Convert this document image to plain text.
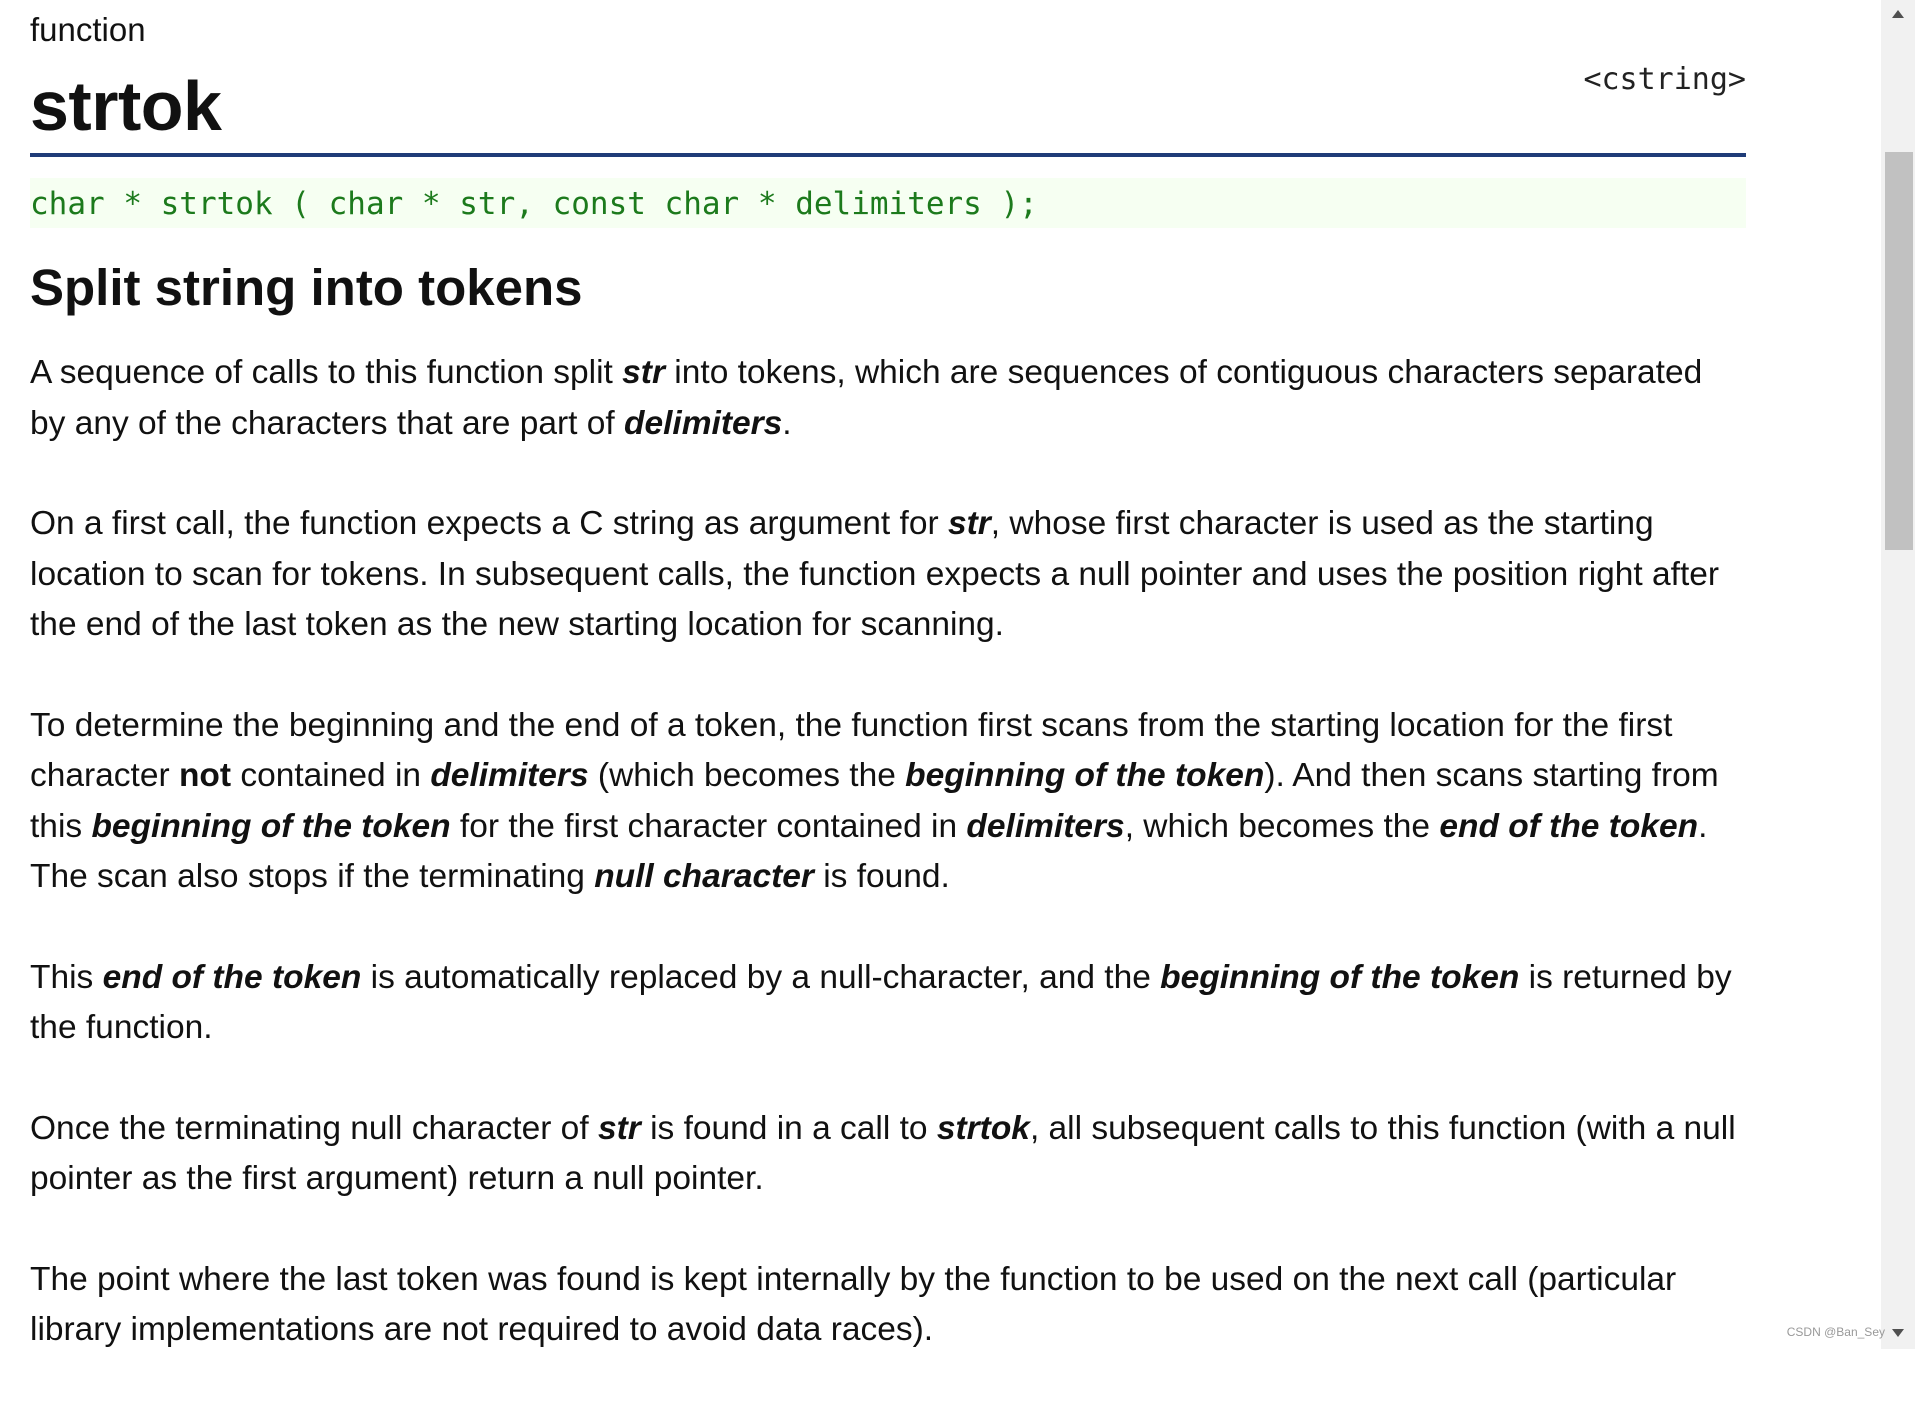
function
strtok	<cstring>
char * strtok ( char * str, const char * delimiters );
Split string into tokens

A sequence of calls to this function split str into tokens, which are sequences of contiguous characters separated by any of the characters that are part of delimiters.

On a first call, the function expects a C string as argument for str, whose first character is used as the starting location to scan for tokens. In subsequent calls, the function expects a null pointer and uses the position right after the end of the last token as the new starting location for scanning.

To determine the beginning and the end of a token, the function first scans from the starting location for the first character not contained in delimiters (which becomes the beginning of the token). And then scans starting from this beginning of the token for the first character contained in delimiters, which becomes the end of the token. The scan also stops if the terminating null character is found.

This end of the token is automatically replaced by a null-character, and the beginning of the token is returned by the function.

Once the terminating null character of str is found in a call to strtok, all subsequent calls to this function (with a null pointer as the first argument) return a null pointer.

The point where the last token was found is kept internally by the function to be used on the next call (particular library implementations are not required to avoid data races).

CSDN @Ban_Sey
